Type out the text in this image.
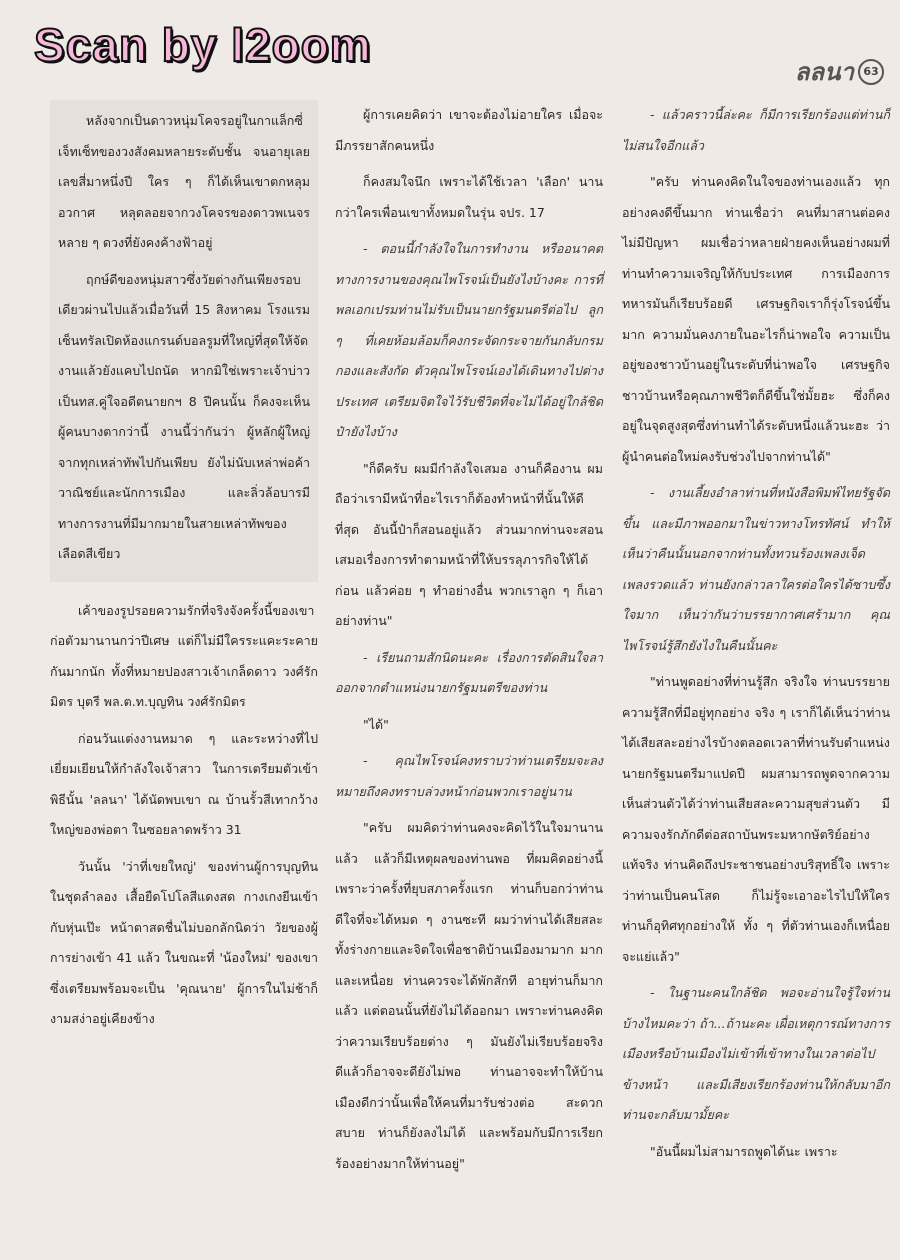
Scan by l2oom
ลลนา 63

หลังจากเป็นดาวหนุ่มโคจรอยู่ในกาแล็กซี่เจ็ทเซ็ทของวงสังคมหลายระดับชั้น จนอายุเลยเลขสี่มาหนึ่งปี ใคร ๆ ก็ได้เห็นเขาตกหลุมอวกาศ หลุดลอยจากวงโคจรของดาวพเนจรหลาย ๆ ดวงที่ยังคงค้างฟ้าอยู่

ฤกษ์ดีของหนุ่มสาวซึ่งวัยต่างกันเพียงรอบเดียวผ่านไปแล้วเมื่อวันที่ 15 สิงหาคม โรงแรมเซ็นทรัลเปิดห้องแกรนด์บอลรูมที่ใหญ่ที่สุดให้จัดงานแล้วยังแคบไปถนัด หากมิใช่เพราะเจ้าบ่าวเป็นทส.คู่ใจอดีตนายกฯ 8 ปีคนนั้น ก็คงจะเห็นผู้คนบางตากว่านี้ งานนี้ว่ากันว่า ผู้หลักผู้ใหญ่จากทุกเหล่าทัพไปกันเพียบ ยังไม่นับเหล่าพ่อค้าวาณิชย์และนักการเมือง และลิ่วล้อบารมีทางการงานที่มีมากมายในสายเหล่าทัพของเลือดสีเขียว

เค้าของรูปรอยความรักที่จริงจังครั้งนี้ของเขาก่อตัวมานานกว่าปีเศษ แต่ก็ไม่มีใครระแคะระคายกันมากนัก ทั้งที่หมายปองสาวเจ้าเกล็ดดาว วงศ์รักมิตร บุตรี พล.ต.ท.บุญทิน วงศ์รักมิตร

ก่อนวันแต่งงานหมาด ๆ และระหว่างที่ไปเยี่ยมเยียนให้กำลังใจเจ้าสาว ในการเตรียมตัวเข้าพิธีนั้น 'ลลนา' ได้นัดพบเขา ณ บ้านรั้วสีเทากว้างใหญ่ของพ่อตา ในซอยลาดพร้าว 31

วันนั้น 'ว่าที่เขยใหญ่' ของท่านผู้การบุญทิน ในชุดลำลอง เสื้อยืดโปโลสีแดงสด กางเกงยีนเข้ากับหุ่นเป๊ะ หน้าตาสดชื่นไม่บอกลักนิดว่า วัยของผู้การย่างเข้า 41 แล้ว ในขณะที่ 'น้องใหม่' ของเขา ซึ่งเตรียมพร้อมจะเป็น 'คุณนาย' ผู้การในไม่ช้าก็งามสง่าอยู่เคียงข้าง

ผู้การเคยคิดว่า เขาจะต้องไม่อายใคร เมื่อจะมีภรรยาสักคนหนึ่ง

ก็คงสมใจนึก เพราะได้ใช้เวลา 'เลือก' นานกว่าใครเพื่อนเขาทั้งหมดในรุ่น จปร. 17

- ตอนนี้กำลังใจในการทำงาน หรืออนาคตทางการงานของคุณไพโรจน์เป็นยังไงบ้างคะ การที่พลเอกเปรมท่านไม่รับเป็นนายกรัฐมนตรีต่อไป ลูก ๆ ที่เคยห้อมล้อมก็คงกระจัดกระจายกันกลับกรมกองและสังกัด ตัวคุณไพโรจน์เองได้เดินทางไปต่างประเทศ เตรียมจิตใจไว้รับชีวิตที่จะไม่ได้อยู่ใกล้ชิดป๋ายังไงบ้าง

"ก็ดีครับ ผมมีกำลังใจเสมอ งานก็คืองาน ผมถือว่าเรามีหน้าที่อะไรเราก็ต้องทำหน้าที่นั้นให้ดีที่สุด อันนี้ป๋าก็สอนอยู่แล้ว ส่วนมากท่านจะสอนเสมอเรื่องการทำตามหน้าที่ให้บรรลุภารกิจให้ได้ก่อน แล้วค่อย ๆ ทำอย่างอื่น พวกเราลูก ๆ ก็เอาอย่างท่าน"

- เรียนถามสักนิดนะคะ เรื่องการตัดสินใจลาออกจากตำแหน่งนายกรัฐมนตรีของท่าน

"ได้"

- คุณไพโรจน์คงทราบว่าท่านเตรียมจะลง หมายถึงคงทราบล่วงหน้าก่อนพวกเราอยู่นาน

"ครับ ผมคิดว่าท่านคงจะคิดไว้ในใจมานานแล้ว แล้วก็มีเหตุผลของท่านพอ ที่ผมคิดอย่างนี้เพราะว่าครั้งที่ยุบสภาครั้งแรก ท่านก็บอกว่าท่านดีใจที่จะได้หมด ๆ งานซะที ผมว่าท่านได้เสียสละทั้งร่างกายและจิตใจเพื่อชาติบ้านเมืองมามาก มากและเหนื่อย ท่านควรจะได้พักสักที อายุท่านก็มากแล้ว แต่ตอนนั้นที่ยังไม่ได้ออกมา เพราะท่านคงคิดว่าความเรียบร้อยต่าง ๆ มันยังไม่เรียบร้อยจริง ดีแล้วก็อาจจะดียังไม่พอ ท่านอาจจะทำให้บ้านเมืองดีกว่านั้นเพื่อให้คนที่มารับช่วงต่อ สะดวกสบาย ท่านก็ยังลงไม่ได้ และพร้อมกับมีการเรียกร้องอย่างมากให้ท่านอยู่"

- แล้วคราวนี้ล่ะคะ ก็มีการเรียกร้องแต่ท่านก็ไม่สนใจอีกแล้ว

"ครับ ท่านคงคิดในใจของท่านเองแล้ว ทุกอย่างคงดีขึ้นมาก ท่านเชื่อว่า คนที่มาสานต่อคงไม่มีปัญหา ผมเชื่อว่าหลายฝ่ายคงเห็นอย่างผมที่ท่านทำความเจริญให้กับประเทศ การเมืองการทหารมันก็เรียบร้อยดี เศรษฐกิจเราก็รุ่งโรจน์ขึ้นมาก ความมั่นคงภายในอะไรก็น่าพอใจ ความเป็นอยู่ของชาวบ้านอยู่ในระดับที่น่าพอใจ เศรษฐกิจชาวบ้านหรือคุณภาพชีวิตก็ดีขึ้นใช่มั้ยฮะ ซึ่งก็คงอยู่ในจุดสูงสุดซึ่งท่านทำได้ระดับหนึ่งแล้วนะฮะ ว่าผู้นำคนต่อใหม่คงรับช่วงไปจากท่านได้"

- งานเลี้ยงอำลาท่านที่หนังสือพิมพ์ไทยรัฐจัดขึ้น และมีภาพออกมาในข่าวทางโทรทัศน์ ทำให้เห็นว่าคืนนั้นนอกจากท่านทั้งทวนร้องเพลงเจ็ดเพลงรวดแล้ว ท่านยังกล่าวลาใครต่อใครได้ซาบซึ้งใจมาก เห็นว่ากันว่าบรรยากาศเศร้ามาก คุณไพโรจน์รู้สึกยังไงในคืนนั้นคะ

"ท่านพูดอย่างที่ท่านรู้สึก จริงใจ ท่านบรรยายความรู้สึกที่มีอยู่ทุกอย่าง จริง ๆ เราก็ได้เห็นว่าท่านได้เสียสละอย่างไรบ้างตลอดเวลาที่ท่านรับตำแหน่งนายกรัฐมนตรีมาแปดปี ผมสามารถพูดจากความเห็นส่วนตัวได้ว่าท่านเสียสละความสุขส่วนตัว มีความจงรักภักดีต่อสถาบันพระมหากษัตริย์อย่างแท้จริง ท่านคิดถึงประชาชนอย่างบริสุทธิ์ใจ เพราะว่าท่านเป็นคนโสด ก็ไม่รู้จะเอาอะไรไปให้ใคร ท่านก็อุทิศทุกอย่างให้ ทั้ง ๆ ที่ตัวท่านเองก็เหนื่อยจะแย่แล้ว"

- ในฐานะคนใกล้ชิด พอจะอ่านใจรู้ใจท่านบ้างไหมคะว่า ถ้า...ถ้านะคะ เผื่อเหตุการณ์ทางการเมืองหรือบ้านเมืองไม่เข้าที่เข้าทางในเวลาต่อไปข้างหน้า และมีเสียงเรียกร้องท่านให้กลับมาอีก ท่านจะกลับมามั้ยคะ

"อันนี้ผมไม่สามารถพูดได้นะ เพราะ
